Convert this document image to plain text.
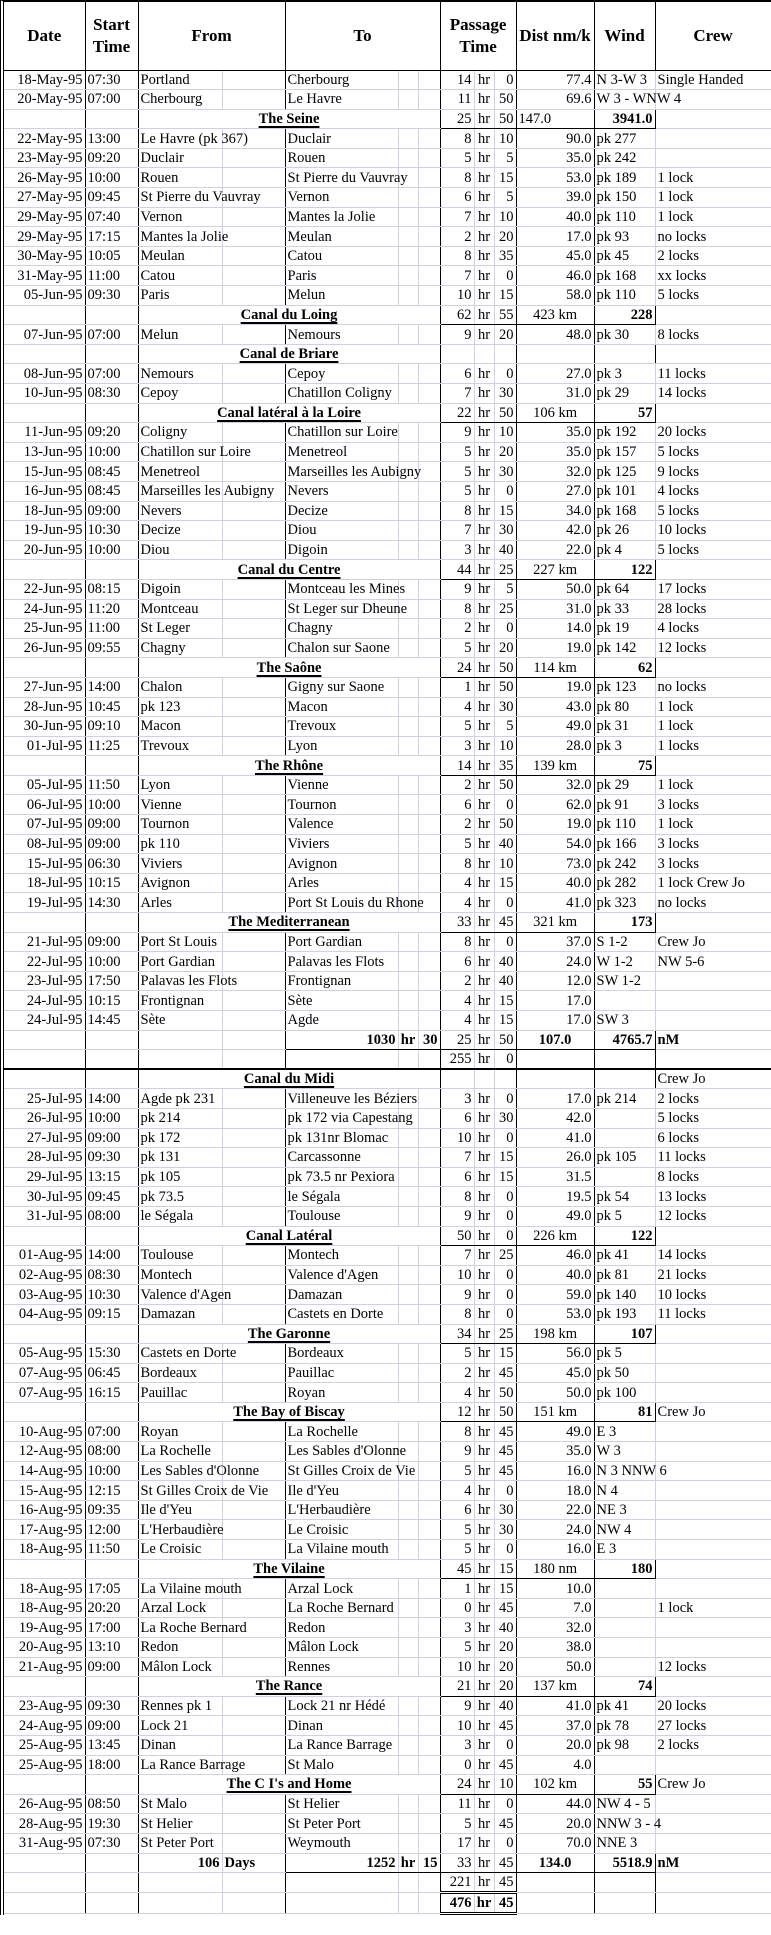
Date	Start Time	From		To			Passage Time			Dist nm/k	Wind	Crew
18-May-95	07:30	Portland		Cherbourg			14	hr	0	77.4	N 3-W 3	Single Handed
20-May-95	07:00	Cherbourg		Le Havre			11	hr	50	69.6	W 3 - WNW 4	
		The Seine					25	hr	50	147.0	3941.0	
22-May-95	13:00	Le Havre (pk 367)		Duclair			8	hr	10	90.0	pk 277	
23-May-95	09:20	Duclair		Rouen			5	hr	5	35.0	pk 242	
26-May-95	10:00	Rouen		St Pierre du Vauvray			8	hr	15	53.0	pk 189	1 lock
27-May-95	09:45	St Pierre du Vauvray		Vernon			6	hr	5	39.0	pk 150	1 lock
29-May-95	07:40	Vernon		Mantes la Jolie			7	hr	10	40.0	pk 110	1 lock
29-May-95	17:15	Mantes la Jolie		Meulan			2	hr	20	17.0	pk 93	no locks
30-May-95	10:05	Meulan		Catou			8	hr	35	45.0	pk 45	2 locks
31-May-95	11:00	Catou		Paris			7	hr	0	46.0	pk 168	xx locks
05-Jun-95	09:30	Paris		Melun			10	hr	15	58.0	pk 110	5 locks
		Canal du Loing					62	hr	55	423 km	228	
07-Jun-95	07:00	Melun		Nemours			9	hr	20	48.0	pk 30	8 locks
		Canal de Briare										
08-Jun-95	07:00	Nemours		Cepoy			6	hr	0	27.0	pk 3	11 locks
10-Jun-95	08:30	Cepoy		Chatillon Coligny			7	hr	30	31.0	pk 29	14 locks
		Canal latéral à la Loire					22	hr	50	106 km	57	
11-Jun-95	09:20	Coligny		Chatillon sur Loire			9	hr	10	35.0	pk 192	20 locks
13-Jun-95	10:00	Chatillon sur Loire		Menetreol			5	hr	20	35.0	pk 157	5 locks
15-Jun-95	08:45	Menetreol		Marseilles les Aubigny			5	hr	30	32.0	pk 125	9 locks
16-Jun-95	08:45	Marseilles les Aubigny		Nevers			5	hr	0	27.0	pk 101	4 locks
18-Jun-95	09:00	Nevers		Decize			8	hr	15	34.0	pk 168	5 locks
19-Jun-95	10:30	Decize		Diou			7	hr	30	42.0	pk 26	10 locks
20-Jun-95	10:00	Diou		Digoin			3	hr	40	22.0	pk 4	5 locks
		Canal du Centre					44	hr	25	227 km	122	
22-Jun-95	08:15	Digoin		Montceau les Mines			9	hr	5	50.0	pk 64	17 locks
24-Jun-95	11:20	Montceau		St Leger sur Dheune			8	hr	25	31.0	pk 33	28 locks
25-Jun-95	11:00	St Leger		Chagny			2	hr	0	14.0	pk 19	4 locks
26-Jun-95	09:55	Chagny		Chalon sur Saone			5	hr	20	19.0	pk 142	12 locks
		The Saône					24	hr	50	114 km	62	
27-Jun-95	14:00	Chalon		Gigny sur Saone			1	hr	50	19.0	pk 123	no locks
28-Jun-95	10:45	pk 123		Macon			4	hr	30	43.0	pk 80	1 lock
30-Jun-95	09:10	Macon		Trevoux			5	hr	5	49.0	pk 31	1 lock
01-Jul-95	11:25	Trevoux		Lyon			3	hr	10	28.0	pk 3	1 locks
		The Rhône					14	hr	35	139 km	75	
05-Jul-95	11:50	Lyon		Vienne			2	hr	50	32.0	pk 29	1 lock
06-Jul-95	10:00	Vienne		Tournon			6	hr	0	62.0	pk 91	3 locks
07-Jul-95	09:00	Tournon		Valence			2	hr	50	19.0	pk 110	1 lock
08-Jul-95	09:00	pk 110		Viviers			5	hr	40	54.0	pk 166	3 locks
15-Jul-95	06:30	Viviers		Avignon			8	hr	10	73.0	pk 242	3 locks
18-Jul-95	10:15	Avignon		Arles			4	hr	15	40.0	pk 282	1 lock Crew Jo
19-Jul-95	14:30	Arles		Port St Louis du Rhone			4	hr	0	41.0	pk 323	no locks
		The Mediterranean					33	hr	45	321 km	173	
21-Jul-95	09:00	Port St Louis		Port Gardian			8	hr	0	37.0	S 1-2	Crew Jo
22-Jul-95	10:00	Port Gardian		Palavas les Flots			6	hr	40	24.0	W 1-2	NW 5-6
23-Jul-95	17:50	Palavas les Flots		Frontignan			2	hr	40	12.0	SW 1-2	
24-Jul-95	10:15	Frontignan		Sète			4	hr	15	17.0		
24-Jul-95	14:45	Sète		Agde			4	hr	15	17.0	SW 3	
				1030	hr	30	25	hr	50	107.0	4765.7	nM
							255	hr	0			
		Canal du Midi										Crew Jo
25-Jul-95	14:00	Agde pk 231		Villeneuve les Béziers			3	hr	0	17.0	pk 214	2 locks
26-Jul-95	10:00	pk 214		pk 172 via Capestang			6	hr	30	42.0		5 locks
27-Jul-95	09:00	pk 172		pk 131nr Blomac			10	hr	0	41.0		6 locks
28-Jul-95	09:30	pk 131		Carcassonne			7	hr	15	26.0	pk 105	11 locks
29-Jul-95	13:15	pk 105		pk 73.5 nr Pexiora			6	hr	15	31.5		8 locks
30-Jul-95	09:45	pk 73.5		le Ségala			8	hr	0	19.5	pk 54	13 locks
31-Jul-95	08:00	le Ségala		Toulouse			9	hr	0	49.0	pk 5	12 locks
		Canal Latéral					50	hr	0	226 km	122	
01-Aug-95	14:00	Toulouse		Montech			7	hr	25	46.0	pk 41	14 locks
02-Aug-95	08:30	Montech		Valence d'Agen			10	hr	0	40.0	pk 81	21 locks
03-Aug-95	10:30	Valence d'Agen		Damazan			9	hr	0	59.0	pk 140	10 locks
04-Aug-95	09:15	Damazan		Castets en Dorte			8	hr	0	53.0	pk 193	11 locks
		The Garonne					34	hr	25	198 km	107	
05-Aug-95	15:30	Castets en Dorte		Bordeaux			5	hr	15	56.0	pk 5	
07-Aug-95	06:45	Bordeaux		Pauillac			2	hr	45	45.0	pk 50	
07-Aug-95	16:15	Pauillac		Royan			4	hr	50	50.0	pk 100	
		The Bay of Biscay					12	hr	50	151 km	81	Crew Jo
10-Aug-95	07:00	Royan		La Rochelle			8	hr	45	49.0	E 3	
12-Aug-95	08:00	La Rochelle		Les Sables d'Olonne			9	hr	45	35.0	W 3	
14-Aug-95	10:00	Les Sables d'Olonne		St Gilles Croix de Vie			5	hr	45	16.0	N 3 NNW 6	
15-Aug-95	12:15	St Gilles Croix de Vie		Ile d'Yeu			4	hr	0	18.0	N 4	
16-Aug-95	09:35	Ile d'Yeu		L'Herbaudière			6	hr	30	22.0	NE 3	
17-Aug-95	12:00	L'Herbaudière		Le Croisic			5	hr	30	24.0	NW 4	
18-Aug-95	11:50	Le Croisic		La Vilaine mouth			5	hr	0	16.0	E 3	
		The Vilaine					45	hr	15	180 nm	180	
18-Aug-95	17:05	La Vilaine mouth		Arzal Lock			1	hr	15	10.0		
18-Aug-95	20:20	Arzal Lock		La Roche Bernard			0	hr	45	7.0		1 lock
19-Aug-95	17:00	La Roche Bernard		Redon			3	hr	40	32.0		
20-Aug-95	13:10	Redon		Mâlon Lock			5	hr	20	38.0		
21-Aug-95	09:00	Mâlon Lock		Rennes			10	hr	20	50.0		12 locks
		The Rance					21	hr	20	137 km	74	
23-Aug-95	09:30	Rennes pk 1		Lock 21 nr Hédé			9	hr	40	41.0	pk 41	20 locks
24-Aug-95	09:00	Lock 21		Dinan			10	hr	45	37.0	pk 78	27 locks
25-Aug-95	13:45	Dinan		La Rance Barrage			3	hr	0	20.0	pk 98	2 locks
25-Aug-95	18:00	La Rance Barrage		St Malo			0	hr	45	4.0		
		The C I's and Home					24	hr	10	102 km	55	Crew Jo
26-Aug-95	08:50	St Malo		St Helier			11	hr	0	44.0	NW 4 - 5	
28-Aug-95	19:30	St Helier		St Peter Port			5	hr	45	20.0	NNW 3 - 4	
31-Aug-95	07:30	St Peter Port		Weymouth			17	hr	0	70.0	NNE 3	
		106	Days	1252	hr	15	33	hr	45	134.0	5518.9	nM
							221	hr	45			
							476	hr	45			
